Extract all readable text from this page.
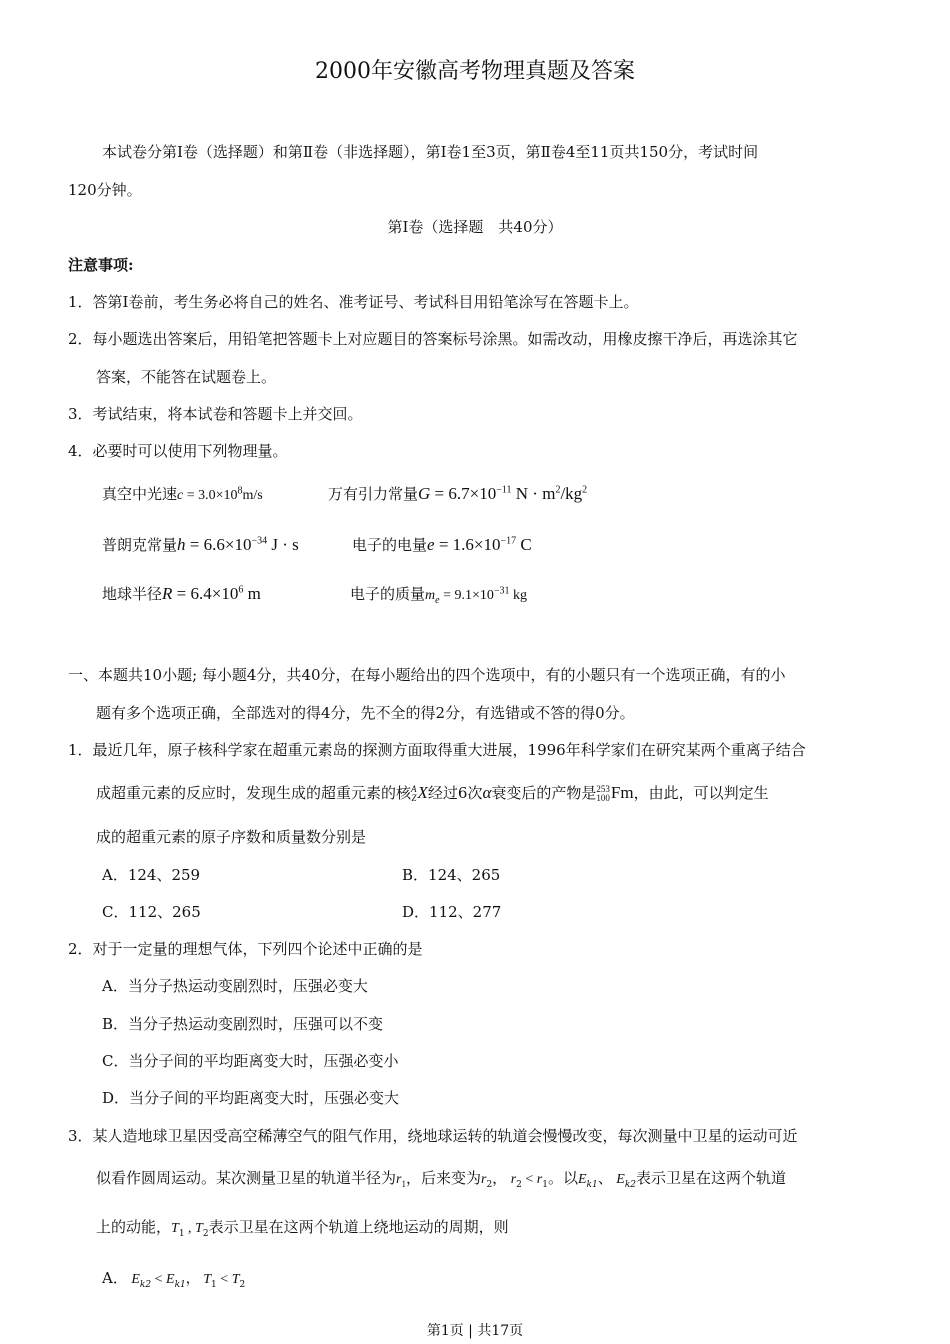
2000年安徽高考物理真题及答案
本试卷分第Ⅰ卷（选择题）和第Ⅱ卷（非选择题），第Ⅰ卷1至3页，第Ⅱ卷4至11页共150分，考试时间
120分钟。
第Ⅰ卷（选择题　共40分）
注意事项:
1．答第Ⅰ卷前，考生务必将自己的姓名、准考证号、考试科目用铅笔涂写在答题卡上。
2．每小题选出答案后，用铅笔把答题卡上对应题目的答案标号涂黑。如需改动，用橡皮擦干净后，再选涂其它
答案，不能答在试题卷上。
3．考试结束，将本试卷和答题卡上并交回。
4．必要时可以使用下列物理量。
真空中光速$c = 3.0\times 10^8m/s$	万有引力常量$G = 6.7\times 10^{-11}$ $N \cdot m^2/kg^2$
普朗克常量$h = 6.6\times 10^{-34}$ J · s	电子的电量$e = 1.6\times 10^{-17}$ C
地球半径$R = 6.4\times 10^6$ m	电子的质量$m_e = 9.1\times 10^{-31}$ kg
一、本题共10小题; 每小题4分，共40分，在每小题给出的四个选项中，有的小题只有一个选项正确，有的小
题有多个选项正确，全部选对的得4分，先不全的得2分，有选错或不答的得0分。
1．最近几年，原子核科学家在超重元素岛的探测方面取得重大进展，1996年科学家们在研究某两个重离子结合
成超重元素的反应时，发现生成的超重元素的核 A
Z X经过6次α衰变后的产物是 253
100 Fm，由此，可以判定生
成的超重元素的原子序数和质量数分别是
A．124、259	B．124、265
C．112、265	D．112、277
2．对于一定量的理想气体，下列四个论述中正确的是
A．当分子热运动变剧烈时，压强必变大
B．当分子热运动变剧烈时，压强可以不变
C．当分子间的平均距离变大时，压强必变小
D．当分子间的平均距离变大时，压强必变大
3．某人造地球卫星因受高空稀薄空气的阻气作用，绕地球运转的轨道会慢慢改变，每次测量中卫星的运动可近
似看作圆周运动。某次测量卫星的轨道半径为$r_1$，后来变为$r_2$， $r_2 < r_1$。以$E_{k1}$、 $E_{k2}$表示卫星在这两个轨道
上的动能，$T_1$ , $T_2$表示卫星在这两个轨道上绕地运动的周期，则
A． $E_{k2} < E_{k1}$， $T_1 < T_2$
第1页 | 共17页
